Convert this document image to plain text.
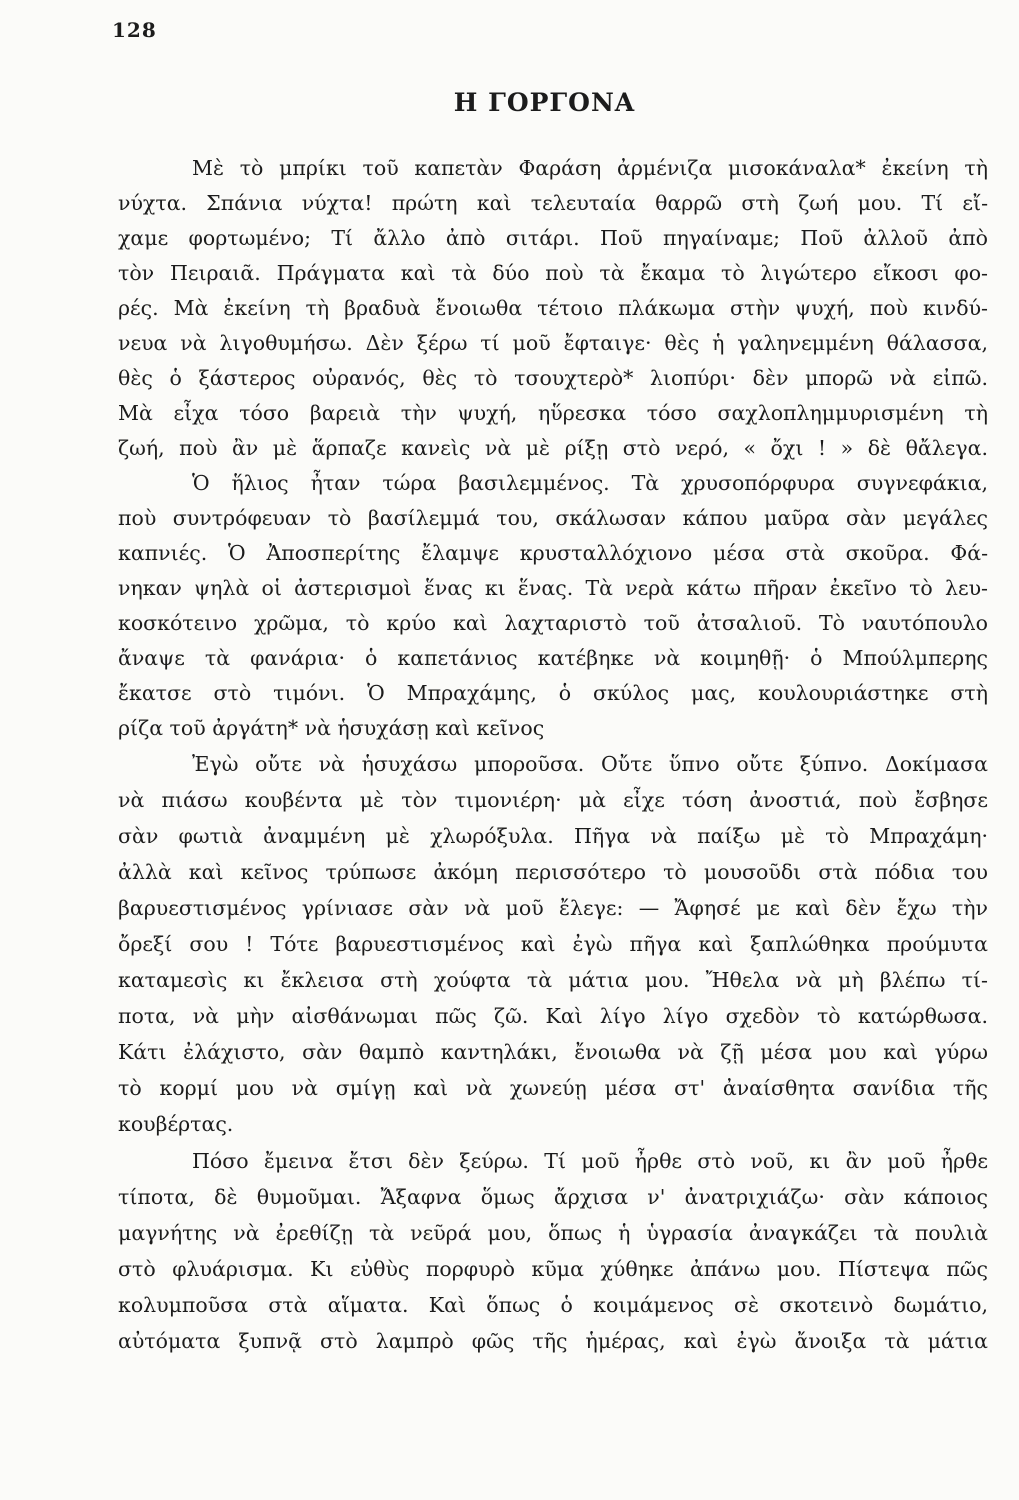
128
Η ΓΟΡΓΟΝΑ
Μὲ τὸ μπρίκι τοῦ καπετὰν Φαράση ἀρμένιζα μισοκάναλα* ἐκείνη τὴ
νύχτα. Σπάνια νύχτα! πρώτη καὶ τελευταία θαρρῶ στὴ ζωή μου. Τί εἴ-
χαμε φορτωμένο; Τί ἄλλο ἀπὸ σιτάρι. Ποῦ πηγαίναμε; Ποῦ ἀλλοῦ ἀπὸ
τὸν Πειραιᾶ. Πράγματα καὶ τὰ δύο ποὺ τὰ ἔκαμα τὸ λιγώτερο εἴκοσι φο-
ρές. Μὰ ἐκείνη τὴ βραδυὰ ἔνοιωθα τέτοιο πλάκωμα στὴν ψυχή, ποὺ κινδύ-
νευα νὰ λιγοθυμήσω. Δὲν ξέρω τί μοῦ ἔφταιγε· θὲς ἡ γαληνεμμένη θάλασσα,
θὲς ὁ ξάστερος οὐρανός, θὲς τὸ τσουχτερὸ* λιοπύρι· δὲν μπορῶ νὰ εἰπῶ.
Μὰ εἶχα τόσο βαρειὰ τὴν ψυχή, ηὕρεσκα τόσο σαχλοπλημμυρισμένη τὴ
ζωή, ποὺ ἂν μὲ ἅρπαζε κανεὶς νὰ μὲ ρίξῃ στὸ νερό, « ὄχι ! » δὲ θἄλεγα.
Ὁ ἥλιος ἦταν τώρα βασιλεμμένος. Τὰ χρυσοπόρφυρα συγνεφάκια,
ποὺ συντρόφευαν τὸ βασίλεμμά του, σκάλωσαν κάπου μαῦρα σὰν μεγάλες
καπνιές. Ὁ Ἀποσπερίτης ἔλαμψε κρυσταλλόχιονο μέσα στὰ σκοῦρα. Φά-
νηκαν ψηλὰ οἱ ἀστερισμοὶ ἕνας κι ἕνας. Τὰ νερὰ κάτω πῆραν ἐκεῖνο τὸ λευ-
κοσκότεινο χρῶμα, τὸ κρύο καὶ λαχταριστὸ τοῦ ἀτσαλιοῦ. Τὸ ναυτόπουλο
ἄναψε τὰ φανάρια· ὁ καπετάνιος κατέβηκε νὰ κοιμηθῇ· ὁ Μπούλμπερης
ἔκατσε στὸ τιμόνι. Ὁ Μπραχάμης, ὁ σκύλος μας, κουλουριάστηκε στὴ
ρίζα τοῦ ἀργάτη* νὰ ἡσυχάσῃ καὶ κεῖνος
Ἐγὼ οὔτε νὰ ἡσυχάσω μποροῦσα. Οὔτε ὕπνο οὔτε ξύπνο. Δοκίμασα
νὰ πιάσω κουβέντα μὲ τὸν τιμονιέρη· μὰ εἶχε τόση ἀνοστιά, ποὺ ἔσβησε
σὰν φωτιὰ ἀναμμένη μὲ χλωρόξυλα. Πῆγα νὰ παίξω μὲ τὸ Μπραχάμη·
ἀλλὰ καὶ κεῖνος τρύπωσε ἀκόμη περισσότερο τὸ μουσοῦδι στὰ πόδια του
βαρυεστισμένος γρίνιασε σὰν νὰ μοῦ ἔλεγε: — Ἄφησέ με καὶ δὲν ἔχω τὴν
ὄρεξί σου ! Τότε βαρυεστισμένος καὶ ἐγὼ πῆγα καὶ ξαπλώθηκα προύμυτα
καταμεσὶς κι ἔκλεισα στὴ χούφτα τὰ μάτια μου. Ἤθελα νὰ μὴ βλέπω τί-
ποτα, νὰ μὴν αἰσθάνωμαι πῶς ζῶ. Καὶ λίγο λίγο σχεδὸν τὸ κατώρθωσα.
Κάτι ἐλάχιστο, σὰν θαμπὸ καντηλάκι, ἔνοιωθα νὰ ζῇ μέσα μου καὶ γύρω
τὸ κορμί μου νὰ σμίγῃ καὶ νὰ χωνεύῃ μέσα στ' ἀναίσθητα σανίδια τῆς
κουβέρτας.
Πόσο ἔμεινα ἔτσι δὲν ξεύρω. Τί μοῦ ἦρθε στὸ νοῦ, κι ἂν μοῦ ἦρθε
τίποτα, δὲ θυμοῦμαι. Ἄξαφνα ὅμως ἄρχισα ν' ἀνατριχιάζω· σὰν κάποιος
μαγνήτης νὰ ἐρεθίζῃ τὰ νεῦρά μου, ὅπως ἡ ὑγρασία ἀναγκάζει τὰ πουλιὰ
στὸ φλυάρισμα. Κι εὐθὺς πορφυρὸ κῦμα χύθηκε ἀπάνω μου. Πίστεψα πῶς
κολυμποῦσα στὰ αἵματα. Καὶ ὅπως ὁ κοιμάμενος σὲ σκοτεινὸ δωμάτιο,
αὐτόματα ξυπνᾷ στὸ λαμπρὸ φῶς τῆς ἡμέρας, καὶ ἐγὼ ἄνοιξα τὰ μάτια
